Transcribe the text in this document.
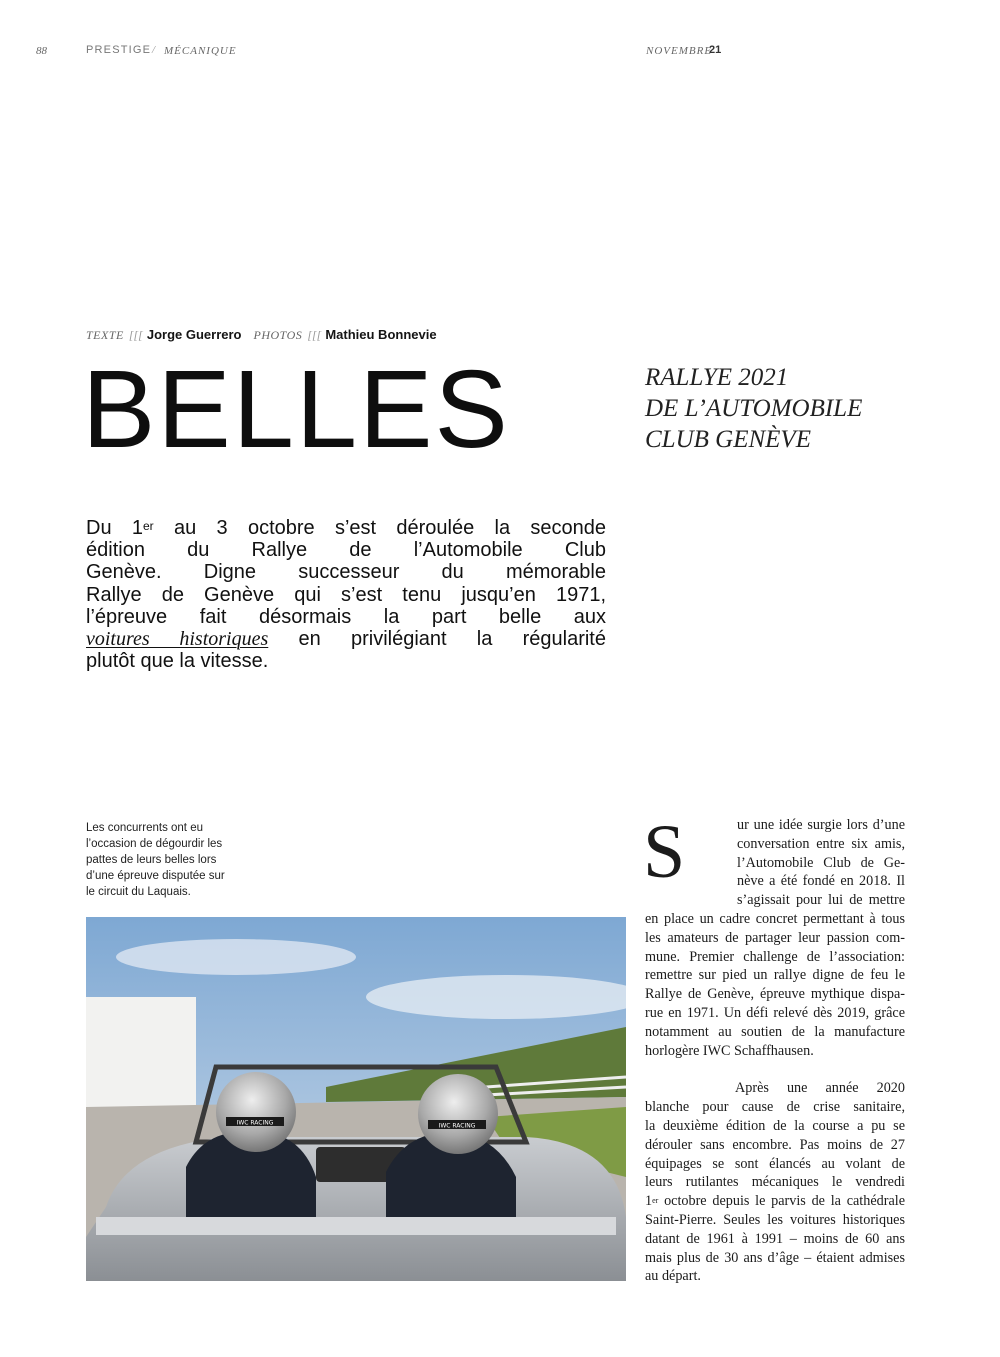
88	PRESTIGE / MÉCANIQUE	NOVEMBRE
21
TEXTE [[[ Jorge Guerrero PHOTOS [[[ Mathieu Bonnevie
BELLES	RALLYE 2021
DE L’AUTOMOBILE
CLUB GENÈVE
Du 1er au 3 octobre s’est déroulée la seconde
édition du Rallye de l’Automobile Club
Genève. Digne successeur du mémorable
Rallye de Genève qui s’est tenu jusqu’en 1971,
l’épreuve fait désormais la part belle aux
voitures historiques en privilégiant la régularité
plutôt que la vitesse.
Les concurrents ont eu
l’occasion de dégourdir les
pattes de leurs belles lors
d’une épreuve disputée sur
le circuit du Laquais.
IWC RACING	IWC RACING
S	ur une idée surgie lors d’une
conversation entre six amis,
l’Automobile Club de Ge-
nève a été fondé en 2018. Il
s’agissait pour lui de mettre
en place un cadre concret permettant à tous
les amateurs de partager leur passion com-
mune. Premier challenge de l’association:
remettre sur pied un rallye digne de feu le
Rallye de Genève, épreuve mythique dispa-
rue en 1971. Un défi relevé dès 2019, grâce
notamment au soutien de la manufacture
horlogère IWC Schaffhausen.
Après une année 2020
blanche pour cause de crise sanitaire,
la deuxième édition de la course a pu se
dérouler sans encombre. Pas moins de 27
équipages se sont élancés au volant de
leurs rutilantes mécaniques le vendredi
1er octobre depuis le parvis de la cathédrale
Saint-Pierre. Seules les voitures historiques
datant de 1961 à 1991 – moins de 60 ans
mais plus de 30 ans d’âge – étaient admises
au départ.
